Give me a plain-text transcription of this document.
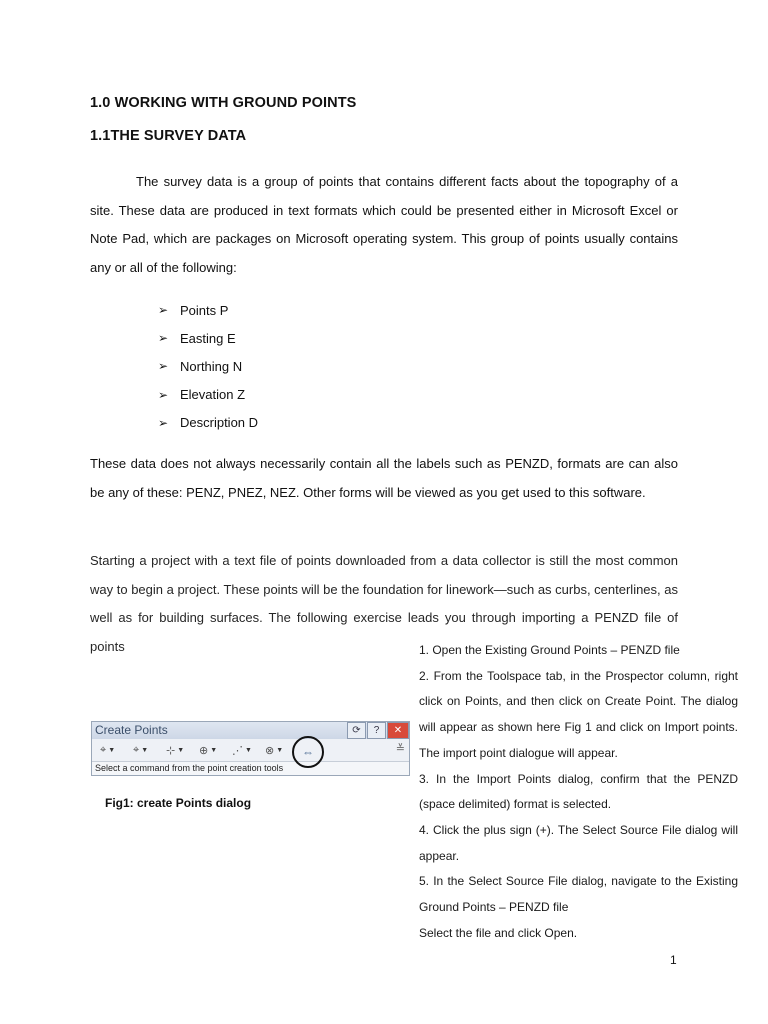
1.0 WORKING WITH GROUND POINTS
1.1THE SURVEY DATA

The survey data is a group of points that contains different facts about the topography of a site. These data are produced in text formats which could be presented either in Microsoft Excel or Note Pad, which are packages on Microsoft operating system. This group of points usually contains any or all of the following:

➢ Points P
➢ Easting E
➢ Northing N
➢ Elevation Z
➢ Description D

These data does not always necessarily contain all the labels such as PENZD, formats are can also be any of these: PENZ, PNEZ, NEZ. Other forms will be viewed as you get used to this software.

Starting a project with a text file of points downloaded from a data collector is still the most common way to begin a project. These points will be the foundation for linework—such as curbs, centerlines, as well as for building surfaces. The following exercise leads you through importing a PENZD file of points	1. Open the Existing Ground Points – PENZD file

2. From the Toolspace tab, in the Prospector column, right click on Points, and then click on Create Point. The dialog will appear as shown here Fig 1 and click on Import points. The import point dialogue will appear.

3. In the Import Points dialog, confirm that the PENZD (space delimited) format is selected.

4. Click the plus sign (+). The Select Source File dialog will appear.

5. In the Select Source File dialog, navigate to the Existing Ground Points – PENZD file

Select the file and click Open.

Create Points	⟳	?	✕
⌖ ▼ ⌖ ▼ ⊹ ▼ ⊕ ▼ ⋰ ▼ ⊗ ▼ ⇔	≚
Select a command from the point creation tools
Fig1: create Points dialog
1
